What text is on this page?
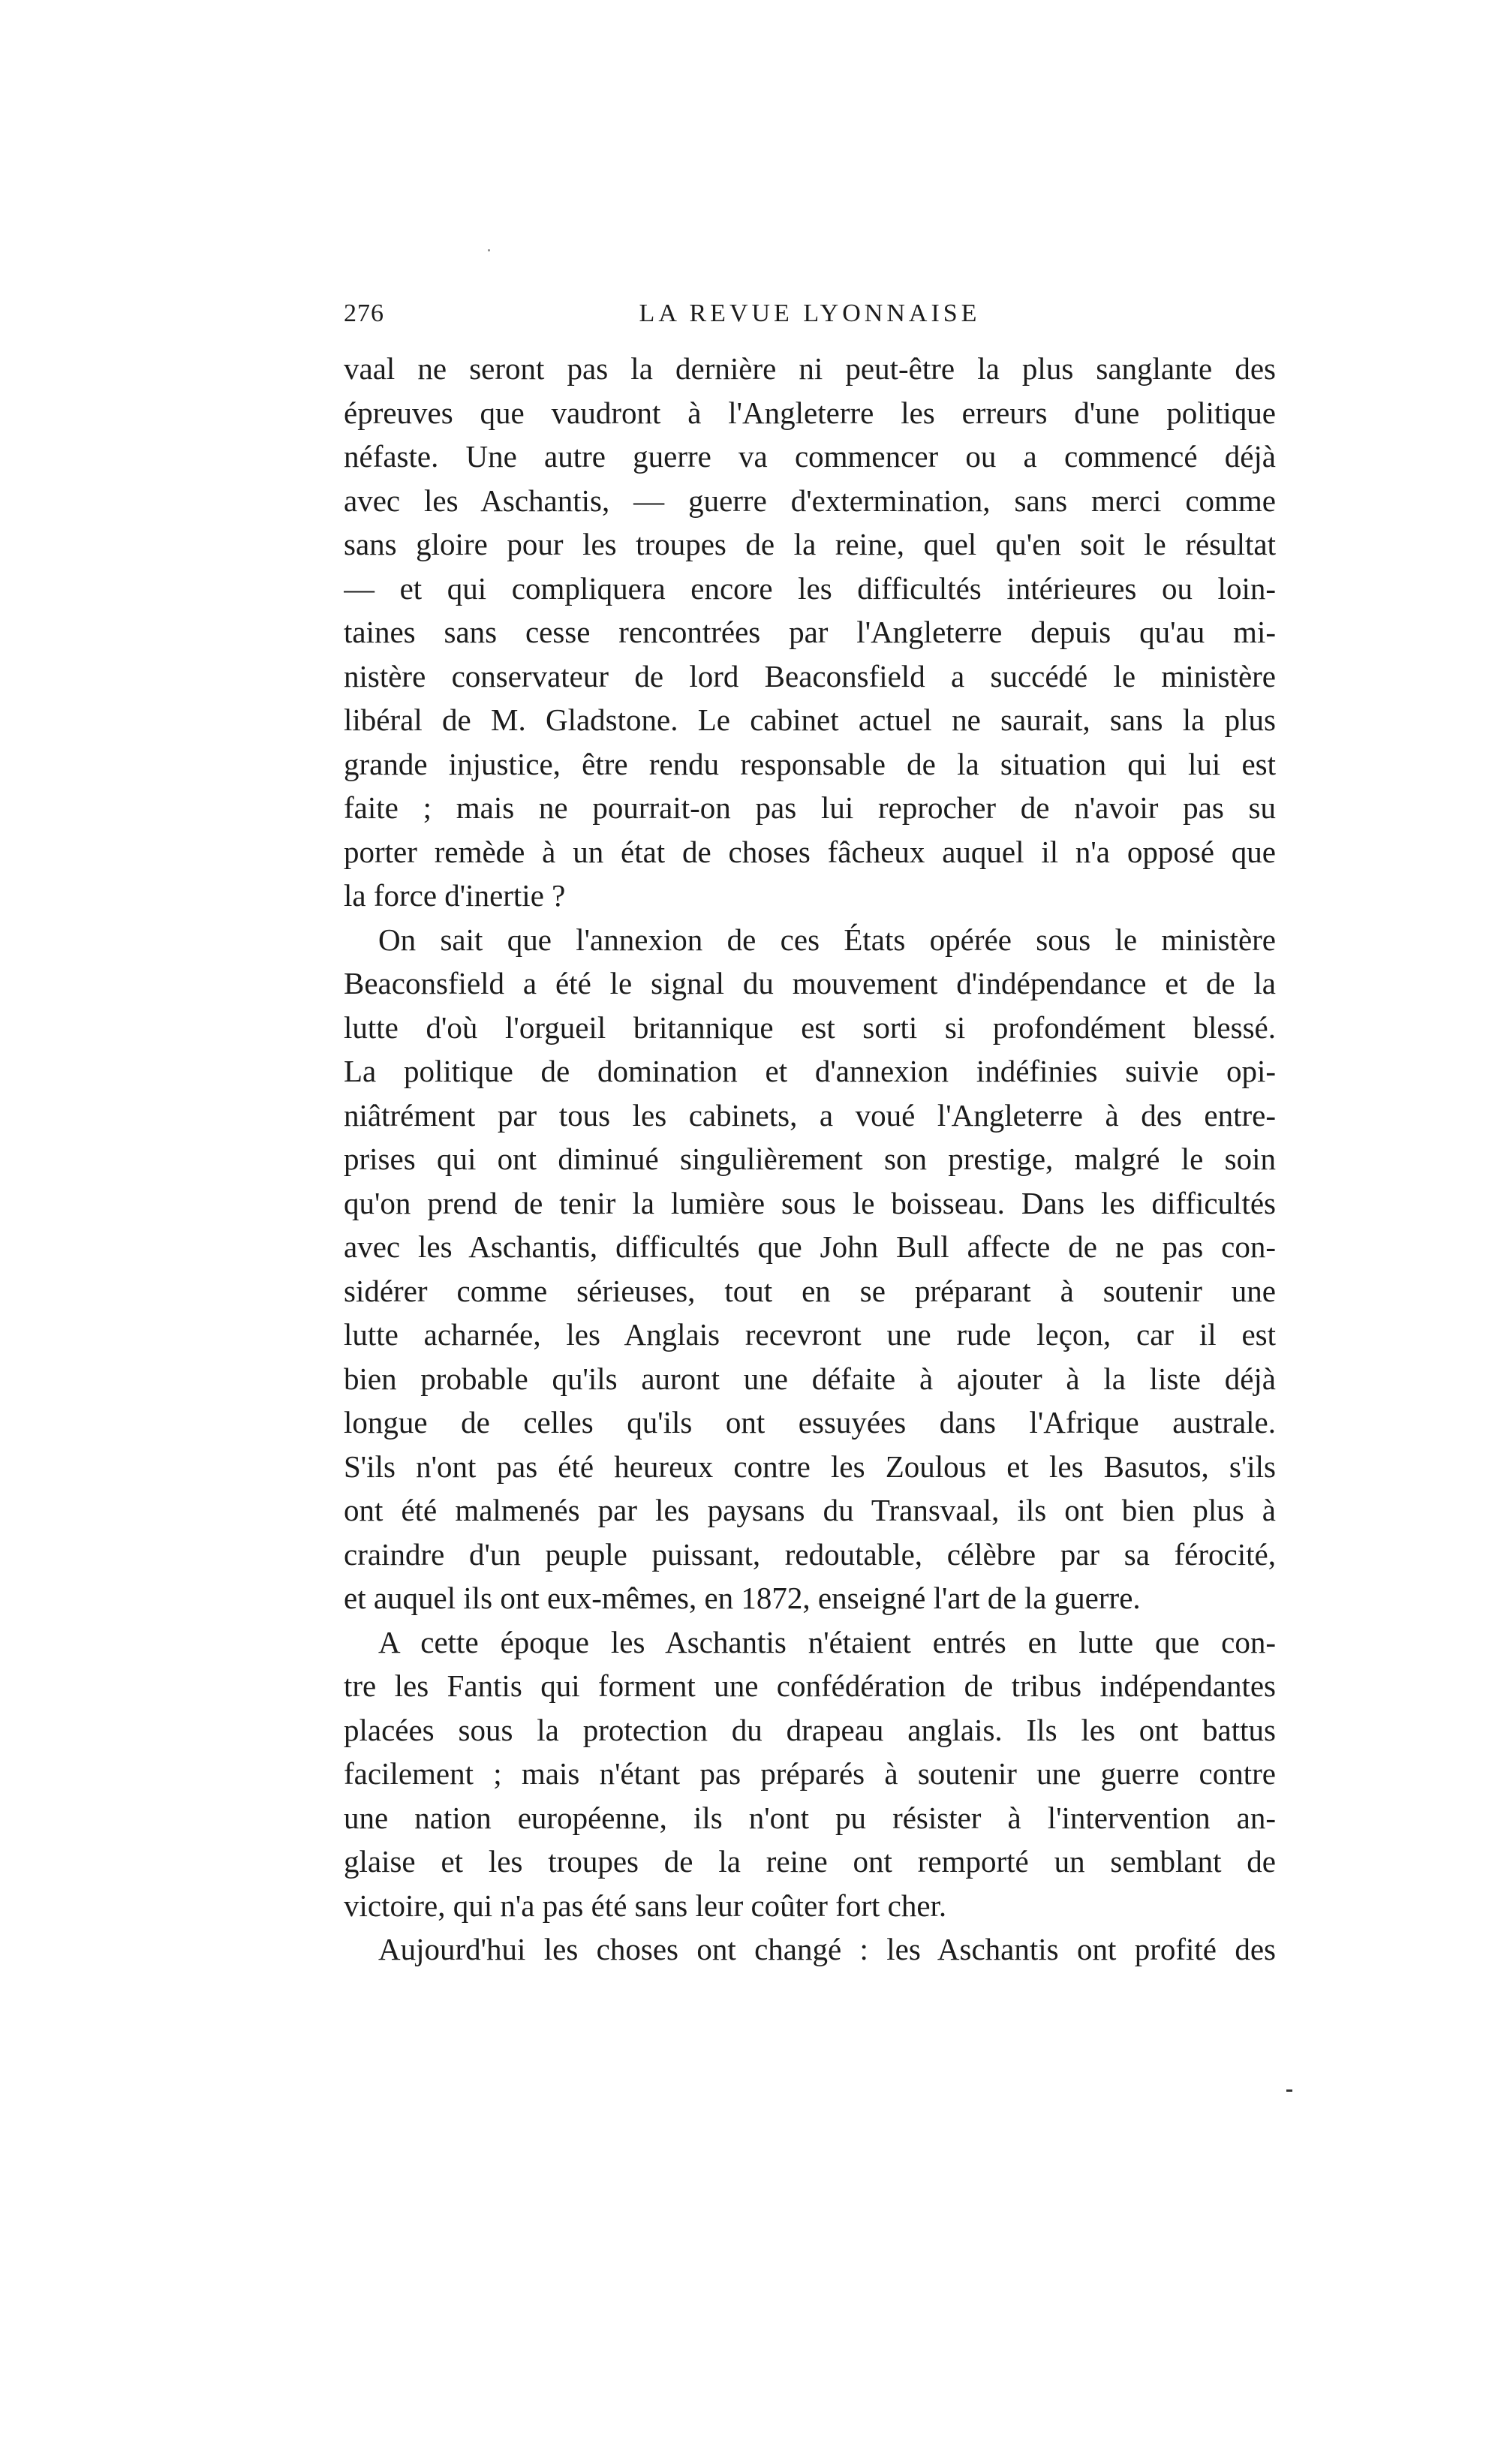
276	LA REVUE LYONNAISE
vaal ne seront pas la dernière ni peut-être la plus sanglante des
épreuves que vaudront à l'Angleterre les erreurs d'une politique
néfaste. Une autre guerre va commencer ou a commencé déjà
avec les Aschantis, — guerre d'extermination, sans merci comme
sans gloire pour les troupes de la reine, quel qu'en soit le résultat
— et qui compliquera encore les difficultés intérieures ou loin-
taines sans cesse rencontrées par l'Angleterre depuis qu'au mi-
nistère conservateur de lord Beaconsfield a succédé le ministère
libéral de M. Gladstone. Le cabinet actuel ne saurait, sans la plus
grande injustice, être rendu responsable de la situation qui lui est
faite ; mais ne pourrait-on pas lui reprocher de n'avoir pas su
porter remède à un état de choses fâcheux auquel il n'a opposé que
la force d'inertie ?
On sait que l'annexion de ces États opérée sous le ministère
Beaconsfield a été le signal du mouvement d'indépendance et de la
lutte d'où l'orgueil britannique est sorti si profondément blessé.
La politique de domination et d'annexion indéfinies suivie opi-
niâtrément par tous les cabinets, a voué l'Angleterre à des entre-
prises qui ont diminué singulièrement son prestige, malgré le soin
qu'on prend de tenir la lumière sous le boisseau. Dans les difficultés
avec les Aschantis, difficultés que John Bull affecte de ne pas con-
sidérer comme sérieuses, tout en se préparant à soutenir une
lutte acharnée, les Anglais recevront une rude leçon, car il est
bien probable qu'ils auront une défaite à ajouter à la liste déjà
longue de celles qu'ils ont essuyées dans l'Afrique australe.
S'ils n'ont pas été heureux contre les Zoulous et les Basutos, s'ils
ont été malmenés par les paysans du Transvaal, ils ont bien plus à
craindre d'un peuple puissant, redoutable, célèbre par sa férocité,
et auquel ils ont eux-mêmes, en 1872, enseigné l'art de la guerre.
A cette époque les Aschantis n'étaient entrés en lutte que con-
tre les Fantis qui forment une confédération de tribus indépendantes
placées sous la protection du drapeau anglais. Ils les ont battus
facilement ; mais n'étant pas préparés à soutenir une guerre contre
une nation européenne, ils n'ont pu résister à l'intervention an-
glaise et les troupes de la reine ont remporté un semblant de
victoire, qui n'a pas été sans leur coûter fort cher.
Aujourd'hui les choses ont changé : les Aschantis ont profité des
